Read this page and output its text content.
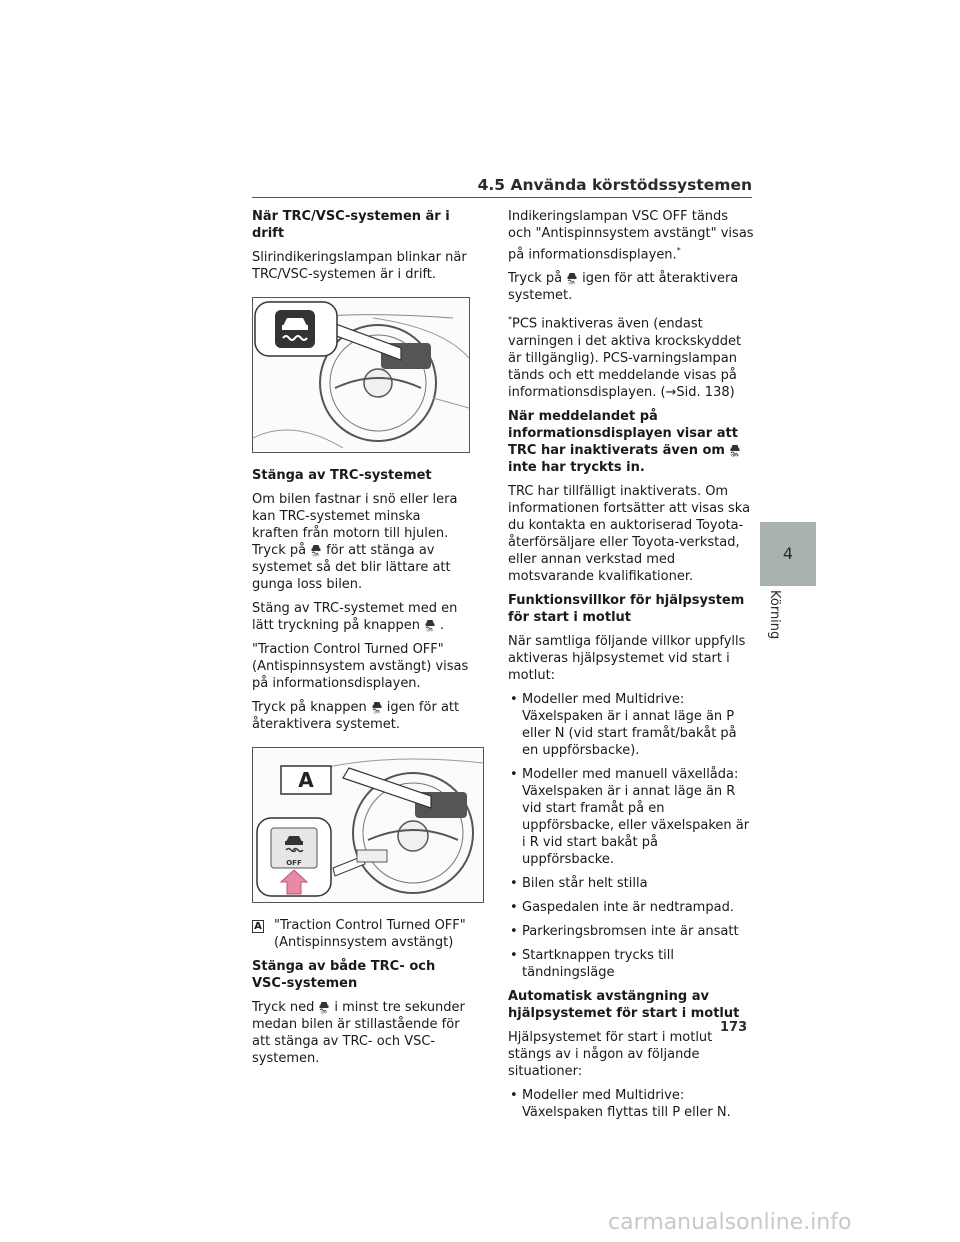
4.5 Använda körstödssystemen

När TRC/VSC-systemen är i drift

Slirindikeringslampan blinkar när TRC/VSC-systemen är i drift.

Stänga av TRC-systemet

Om bilen fastnar i snö eller lera kan TRC-systemet minska kraften från motorn till hjulen. Tryck på OFF för att stänga av systemet så det blir lättare att gunga loss bilen.

Stäng av TRC-systemet med en lätt tryckning på knappen OFF .

"Traction Control Turned OFF" (Antispinnsystem avstängt) visas på informationsdisplayen.

Tryck på knappen OFF igen för att återaktivera systemet.

A
OFF
A "Traction Control Turned OFF" (Antispinnsystem avstängt)

Stänga av både TRC- och VSC-systemen

Tryck ned OFF i minst tre sekunder medan bilen är stillastående för att stänga av TRC- och VSC-systemen.

Indikeringslampan VSC OFF tänds och "Antispinnsystem avstängt" visas på informationsdisplayen.*

Tryck på OFF igen för att återaktivera systemet.

*PCS inaktiveras även (endast varningen i det aktiva krockskyddet är tillgänglig). PCS-varningslampan tänds och ett meddelande visas på informationsdisplayen. (→Sid. 138)

När meddelandet på informationsdisplayen visar att TRC har inaktiverats även om OFF
inte har tryckts in.

TRC har tillfälligt inaktiverats. Om informationen fortsätter att visas ska du kontakta en auktoriserad Toyota-återförsäljare eller Toyota-verkstad, eller annan verkstad med motsvarande kvalifikationer.

Funktionsvillkor för hjälpsystem för start i motlut

När samtliga följande villkor uppfylls aktiveras hjälpsystemet vid start i motlut:

• Modeller med Multidrive: Växelspaken är i annat läge än P eller N (vid start framåt/bakåt på en uppförsbacke).
• Modeller med manuell växellåda: Växelspaken är i annat läge än R vid start framåt på en uppförsbacke, eller växelspaken är i R vid start bakåt på uppförsbacke.
• Bilen står helt stilla
• Gaspedalen inte är nedtrampad.
• Parkeringsbromsen inte är ansatt
• Startknappen trycks till tändningsläge

Automatisk avstängning av hjälpsystemet för start i motlut

Hjälpsystemet för start i motlut stängs av i någon av följande situationer:

• Modeller med Multidrive: Växelspaken flyttas till P eller N.
4
Körning
173
carmanualsonline.info
